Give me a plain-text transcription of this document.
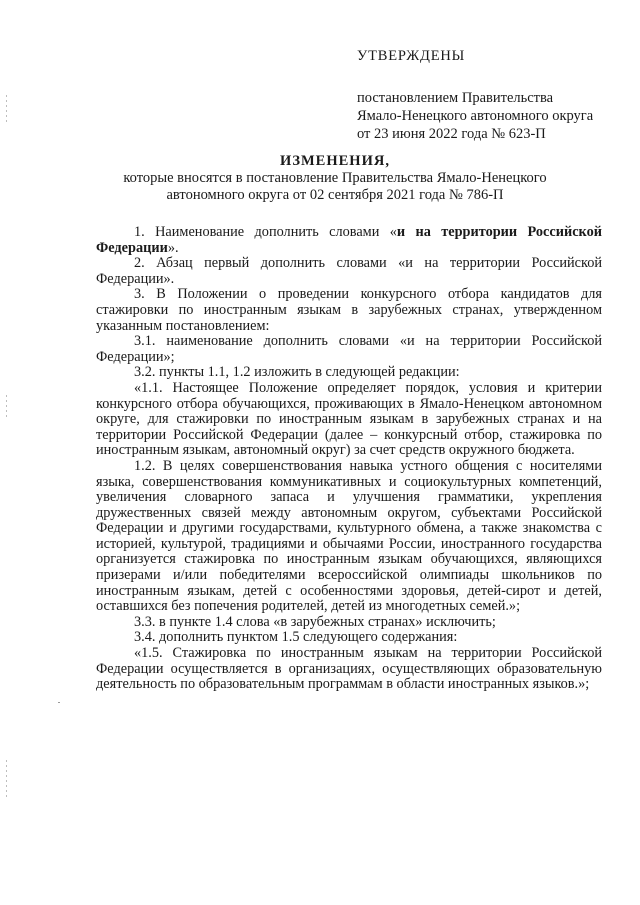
УТВЕРЖДЕНЫ
постановлением Правительства
Ямало-Ненецкого автономного округа
от 23 июня 2022 года № 623-П
ИЗМЕНЕНИЯ,
которые вносятся в постановление Правительства Ямало-Ненецкого
автономного округа от 02 сентября 2021 года № 786-П

1. Наименование дополнить словами «и на территории Российской Федерации».

2. Абзац первый дополнить словами «и на территории Российской Федерации».

3. В Положении о проведении конкурсного отбора кандидатов для стажировки по иностранным языкам в зарубежных странах, утвержденном указанным постановлением:

3.1. наименование дополнить словами «и на территории Российской Федерации»;

3.2. пункты 1.1, 1.2 изложить в следующей редакции:

«1.1. Настоящее Положение определяет порядок, условия и критерии конкурсного отбора обучающихся, проживающих в Ямало-Ненецком автономном округе, для стажировки по иностранным языкам в зарубежных странах и на территории Российской Федерации (далее – конкурсный отбор, стажировка по иностранным языкам, автономный округ) за счет средств окружного бюджета.

1.2. В целях совершенствования навыка устного общения с носителями языка, совершенствования коммуникативных и социокультурных компетенций, увеличения словарного запаса и улучшения грамматики, укрепления дружественных связей между автономным округом, субъектами Российской Федерации и другими государствами, культурного обмена, а также знакомства с историей, культурой, традициями и обычаями России, иностранного государства организуется стажировка по иностранным языкам обучающихся, являющихся призерами и/или победителями всероссийской олимпиады школьников по иностранным языкам, детей с особенностями здоровья, детей-сирот и детей, оставшихся без попечения родителей, детей из многодетных семей.»;

3.3. в пункте 1.4 слова «в зарубежных странах» исключить;

3.4. дополнить пунктом 1.5 следующего содержания:

«1.5. Стажировка по иностранным языкам на территории Российской Федерации осуществляется в организациях, осуществляющих образовательную деятельность по образовательным программам в области иностранных языков.»;
